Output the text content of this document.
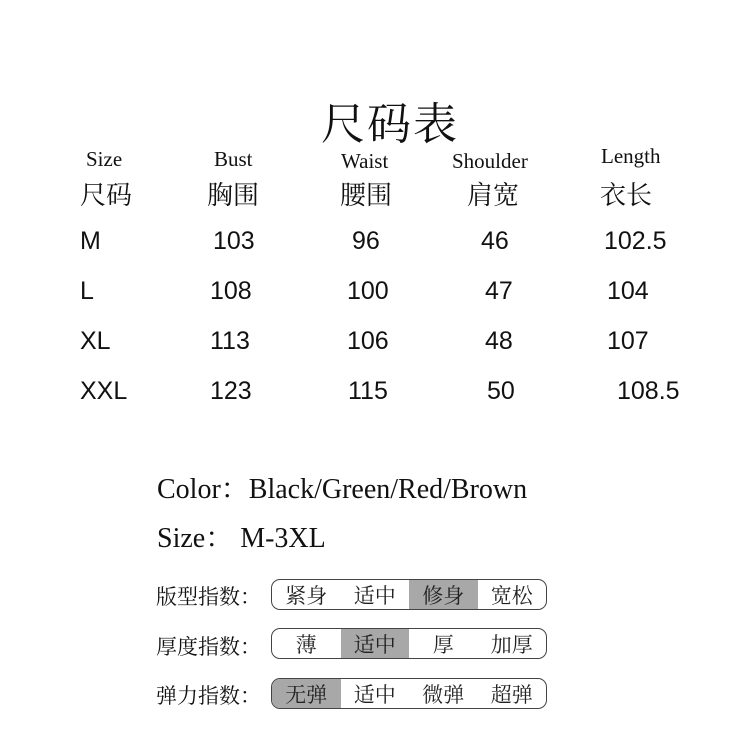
尺码表
Size	Bust	Waist	Shoulder	Length
尺码	胸围	腰围	肩宽	衣长
M	103	96	46	102.5
L	108	100	47	104
XL	113	106	48	107
XXL	123	115	50	108.5
Color：Black/Green/Red/Brown
Size： M-3XL
版型指数：	紧身	适中	修身	宽松
厚度指数：	薄	适中	厚	加厚
弹力指数：	无弹	适中	微弹	超弹
